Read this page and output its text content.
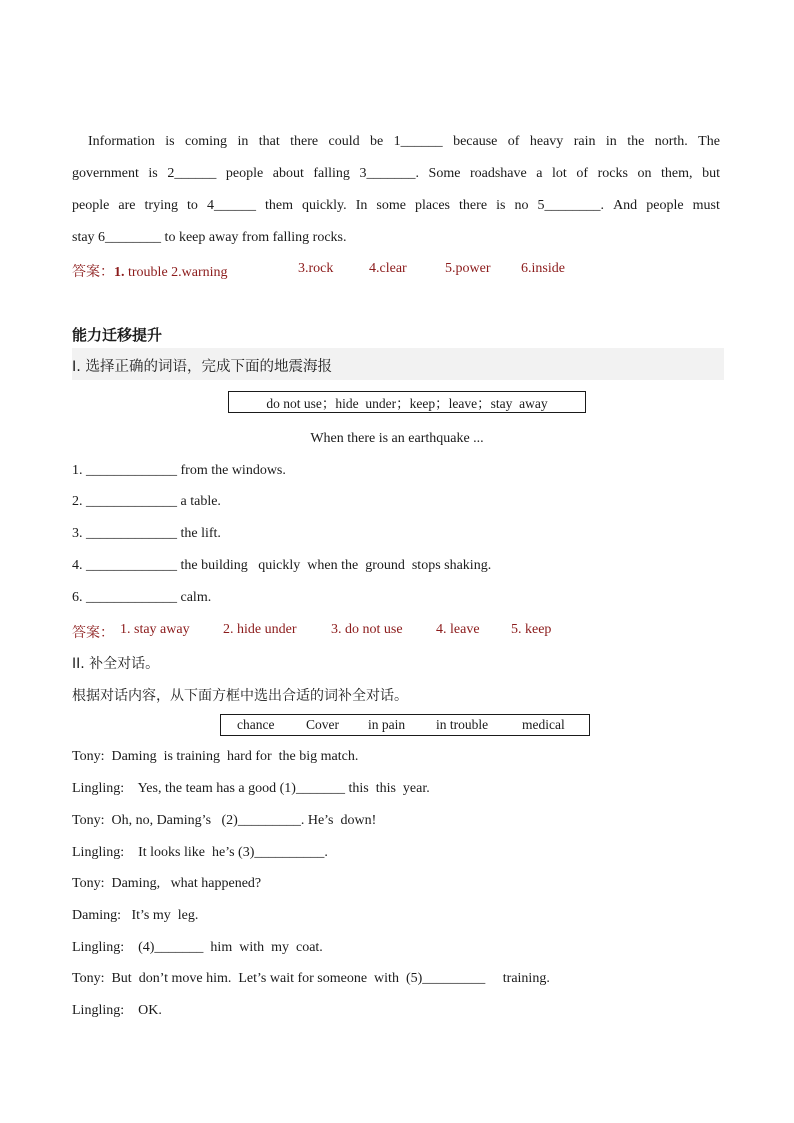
Information is coming in that there could be 1______ because of heavy rain in the north. The
government is 2______ people about falling 3_______. Some roadshave a lot of rocks on them, but
people are trying to 4______ them quickly. In some places there is no 5________. And people must
stay 6________ to keep away from falling rocks.
答案：1. trouble 2.warning	3.rock	4.clear	5.power 6.inside
能力迁移提升
I. 选择正确的词语，完成下面的地震海报
do not use；hide  under；keep；leave；stay  away
When there is an earthquake ...
1. _____________ from the windows.
2. _____________ a table.
3. _____________ the lift.
4. _____________ the building   quickly  when the  ground  stops shaking.
6. _____________ calm.
答案： 1. stay away 2. hide under 3. do not use 4. leave 5. keep
II. 补全对话。
根据对话内容，从下面方框中选出合适的词补全对话。
chance Cover in pain in trouble	medical
Tony:  Daming  is training  hard for  the big match.
Lingling:    Yes, the team has a good (1)_______ this  this  year.
Tony:  Oh, no, Daming’s   (2)_________. He’s  down!
Lingling:    It looks like  he’s (3)__________.
Tony:  Daming,   what happened?
Daming:   It’s my  leg.
Lingling:    (4)_______  him  with  my  coat.
Tony:  But  don’t move him.  Let’s wait for someone  with  (5)_________     training.
Lingling:    OK.
